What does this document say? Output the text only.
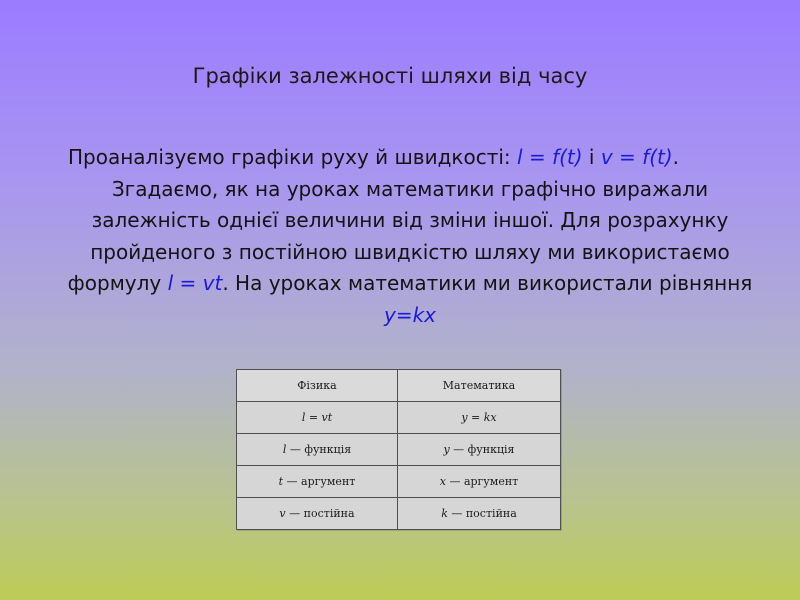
Графіки залежності шляхи від часу
Проаналізуємо графіки руху й швидкості: l = f(t) і v = f(t).
Згадаємо, як на уроках математики графічно виражали залежність однієї величини від зміни іншої. Для розрахунку пройденого з постійною швидкістю шляху ми використаємо формулу l = vt. На уроках математики ми використали рівняння y=kx
Фізика	Математика
l = vt	y = kx
l — функція	y — функція
t — аргумент	x — аргумент
v — постійна	k — постійна
